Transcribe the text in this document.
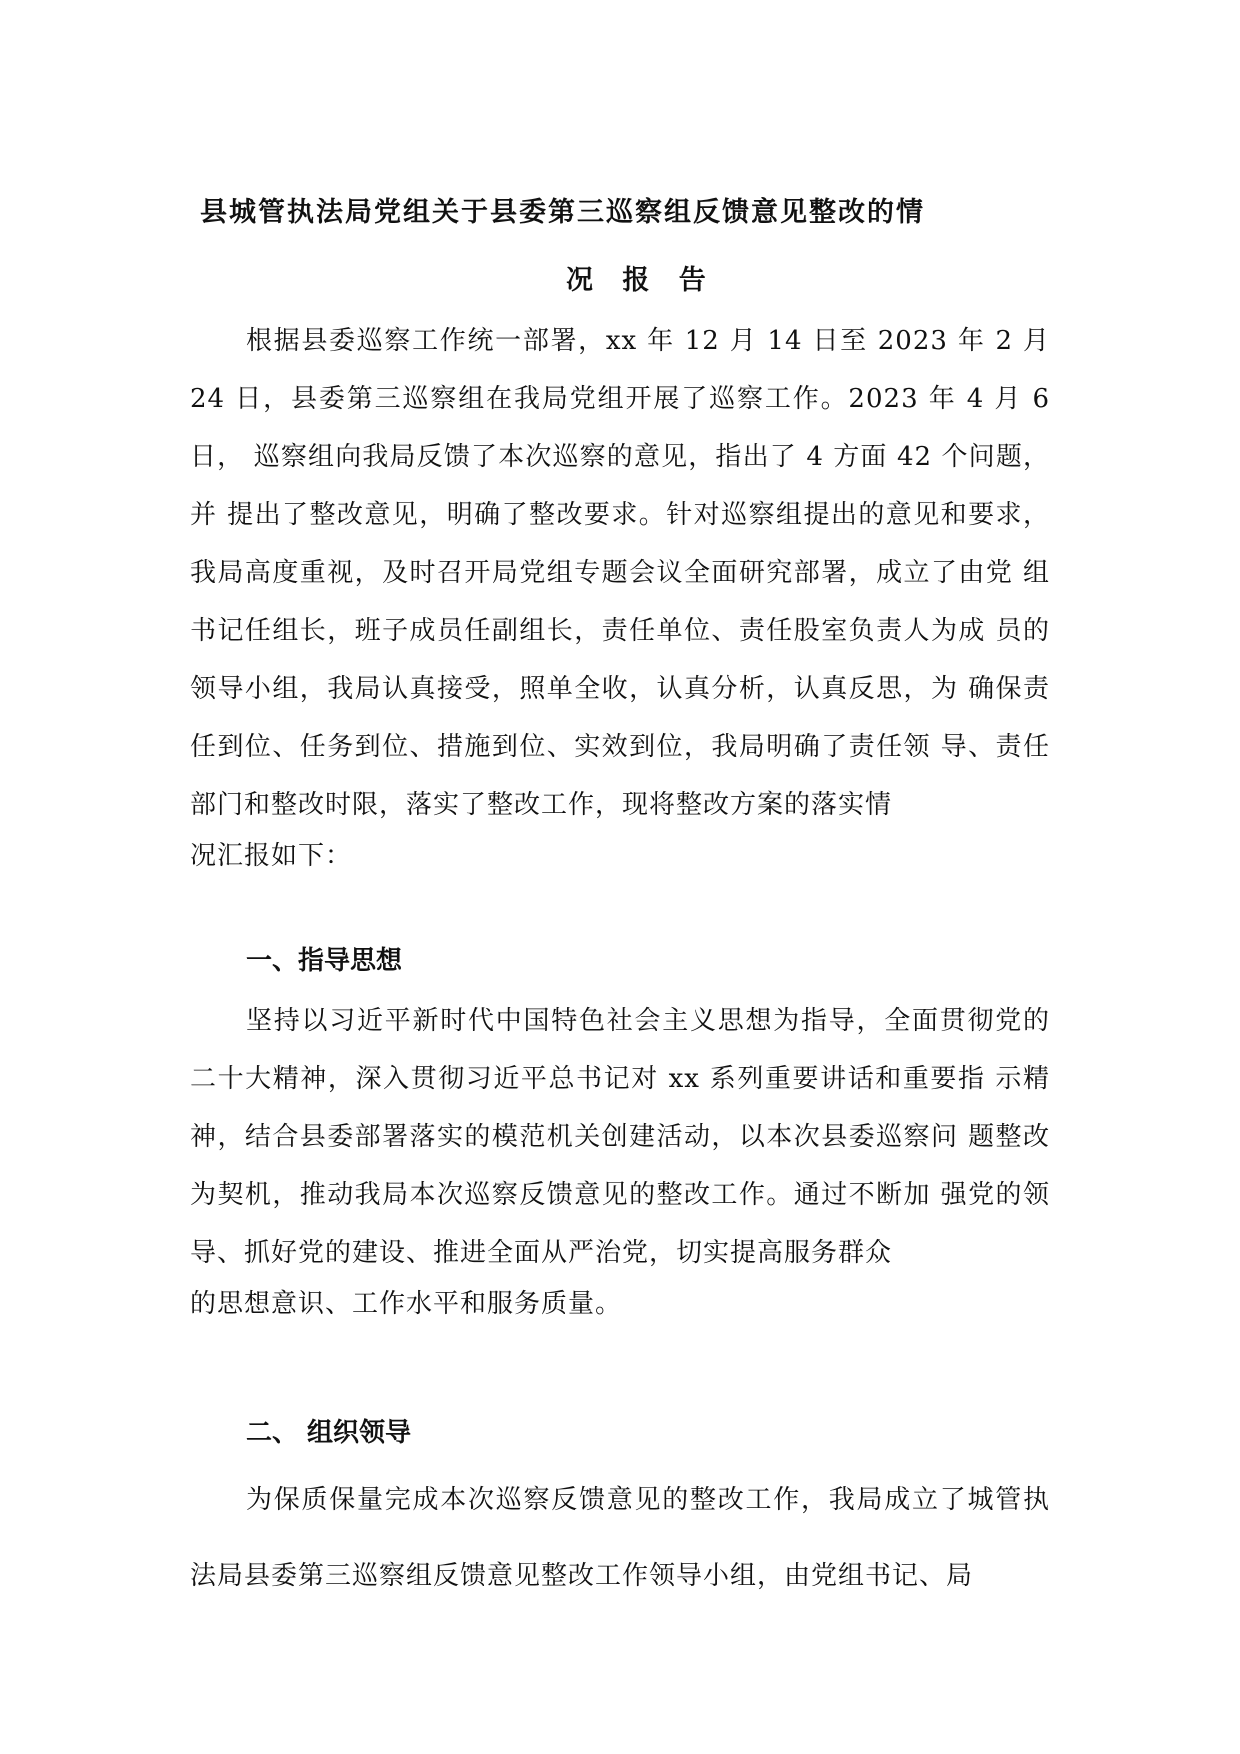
县城管执法局党组关于县委第三巡察组反馈意见整改的情
况 报 告

根据县委巡察工作统一部署，xx 年 12 月 14 日至 2023 年 2 月 24 日，县委第三巡察组在我局党组开展了巡察工作。2023 年 4 月 6 日， 巡察组向我局反馈了本次巡察的意见，指出了 4 方面 42 个问题，并 提出了整改意见，明确了整改要求。针对巡察组提出的意见和要求， 我局高度重视，及时召开局党组专题会议全面研究部署，成立了由党 组书记任组长，班子成员任副组长，责任单位、责任股室负责人为成 员的领导小组，我局认真接受，照单全收，认真分析，认真反思，为 确保责任到位、任务到位、措施到位、实效到位，我局明确了责任领 导、责任部门和整改时限，落实了整改工作，现将整改方案的落实情

况汇报如下：

一、指导思想

坚持以习近平新时代中国特色社会主义思想为指导，全面贯彻党的二十大精神，深入贯彻习近平总书记对 xx 系列重要讲话和重要指 示精神，结合县委部署落实的模范机关创建活动，以本次县委巡察问 题整改为契机，推动我局本次巡察反馈意见的整改工作。通过不断加 强党的领导、抓好党的建设、推进全面从严治党，切实提高服务群众

的思想意识、工作水平和服务质量。

二、 组织领导

为保质保量完成本次巡察反馈意见的整改工作，我局成立了城管执法局县委第三巡察组反馈意见整改工作领导小组，由党组书记、局
